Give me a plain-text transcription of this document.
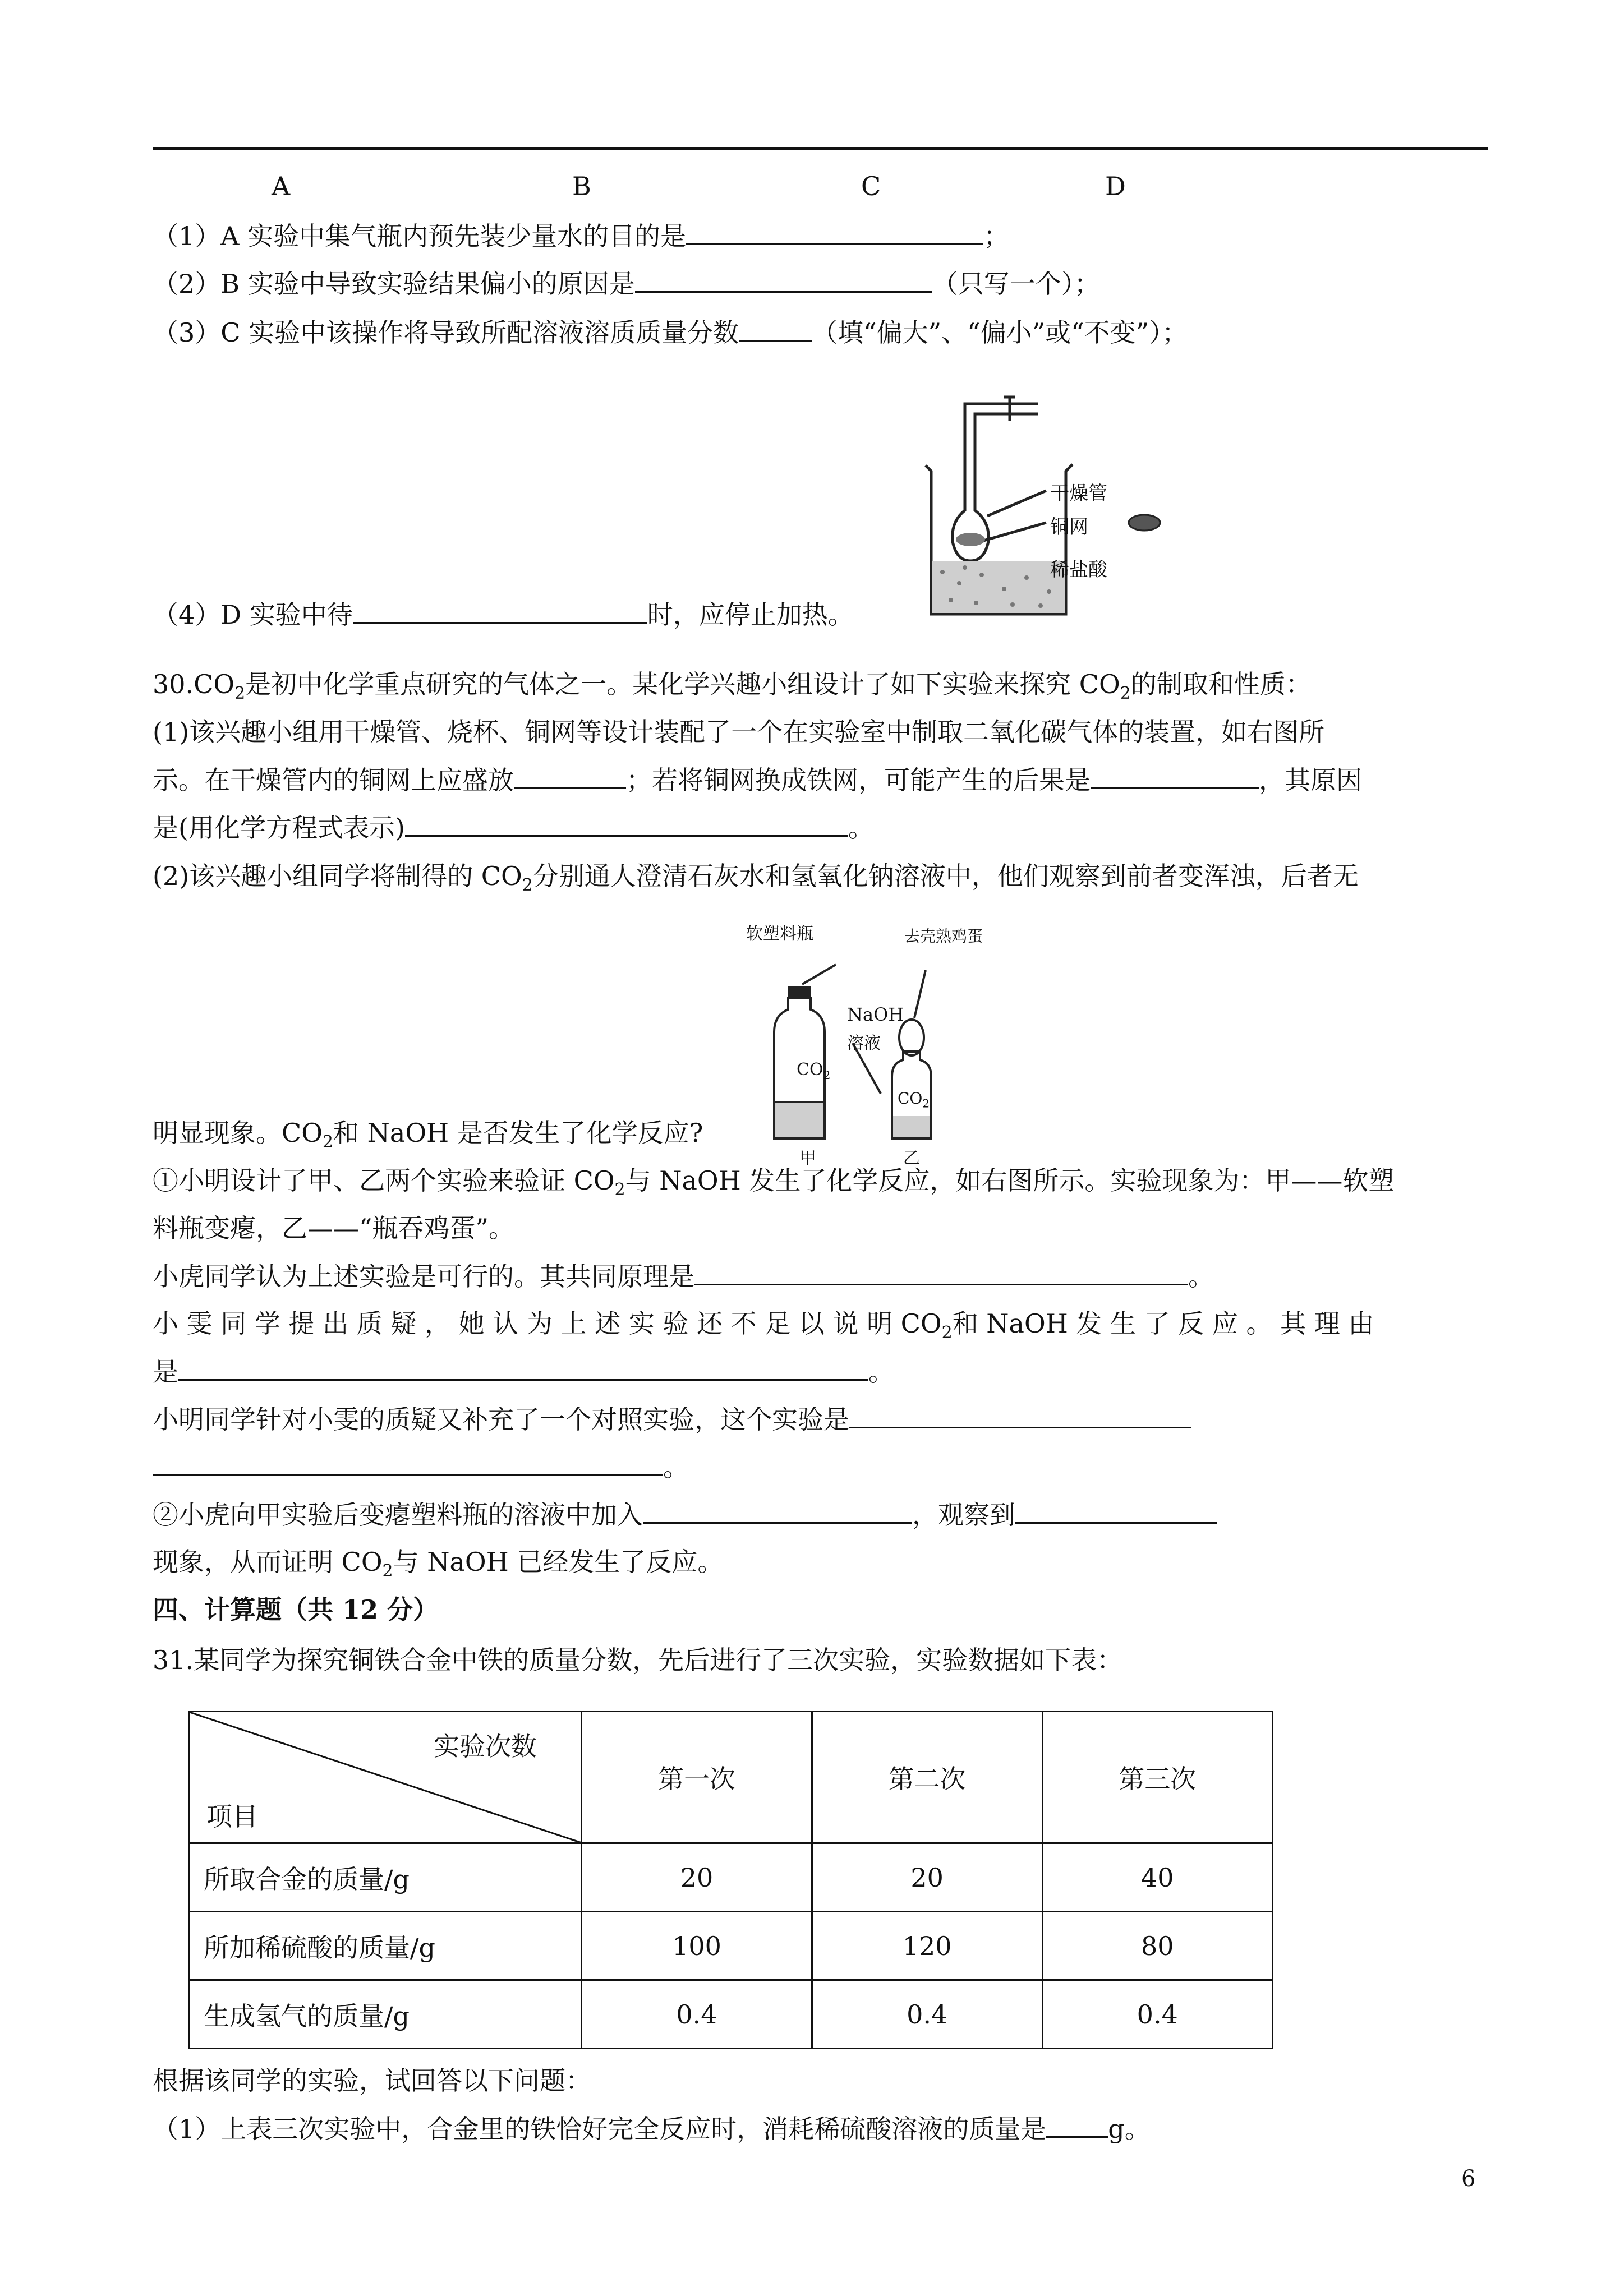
A	B	C	D
（1）A 实验中集气瓶内预先装少量水的目的是	；
（2）B 实验中导致实验结果偏小的原因是	（只写一个）；
（3）C 实验中该操作将导致所配溶液溶质质量分数	（填“偏大”、“偏小”或“不变”）；
干燥管
铜网
稀盐酸
（4）D 实验中待	时，应停止加热。
$30.CO_2$是初中化学重点研究的气体之一。某化学兴趣小组设计了如下实验来探究 $CO_2$的制取和性质：
(1)该兴趣小组用干燥管、烧杯、铜网等设计装配了一个在实验室中制取二氧化碳气体的装置，如右图所
示。在干燥管内的铜网上应盛放	；若将铜网换成铁网，可能产生的后果是	，其原因
是(用化学方程式表示)	。
(2)该兴趣小组同学将制得的 $CO_2$分别通人澄清石灰水和氢氧化钠溶液中，他们观察到前者变浑浊，后者无
软塑料瓶	去壳熟鸡蛋
NaOH
溶液
$CO_2$
$CO_2$
甲	乙
明显现象。$CO_2$和 NaOH 是否发生了化学反应?
①小明设计了甲、乙两个实验来验证 $CO_2$与 NaOH 发生了化学反应，如右图所示。实验现象为：甲——软塑
料瓶变瘪，乙——“瓶吞鸡蛋”。
小虎同学认为上述实验是可行的。其共同原理是	。
小 雯 同 学 提 出 质 疑 ， 她 认 为 上 述 实 验 还 不 足 以 说 明 $CO_2$和 NaOH 发 生 了 反 应 。 其 理 由
是	。
小明同学针对小雯的质疑又补充了一个对照实验，这个实验是
。
②小虎向甲实验后变瘪塑料瓶的溶液中加入	，观察到
现象，从而证明 $CO_2$与 NaOH 已经发生了反应。
四、计算题（共 12 分）
31.某同学为探究铜铁合金中铁的质量分数，先后进行了三次实验，实验数据如下表：
实验次数
项目	第一次	第二次	第三次
所取合金的质量/g	20	20	40
所加稀硫酸的质量/g	100	120	80
生成氢气的质量/g	0.4	0.4	0.4
根据该同学的实验，试回答以下问题：
（1）上表三次实验中，合金里的铁恰好完全反应时，消耗稀硫酸溶液的质量是 g。
6
